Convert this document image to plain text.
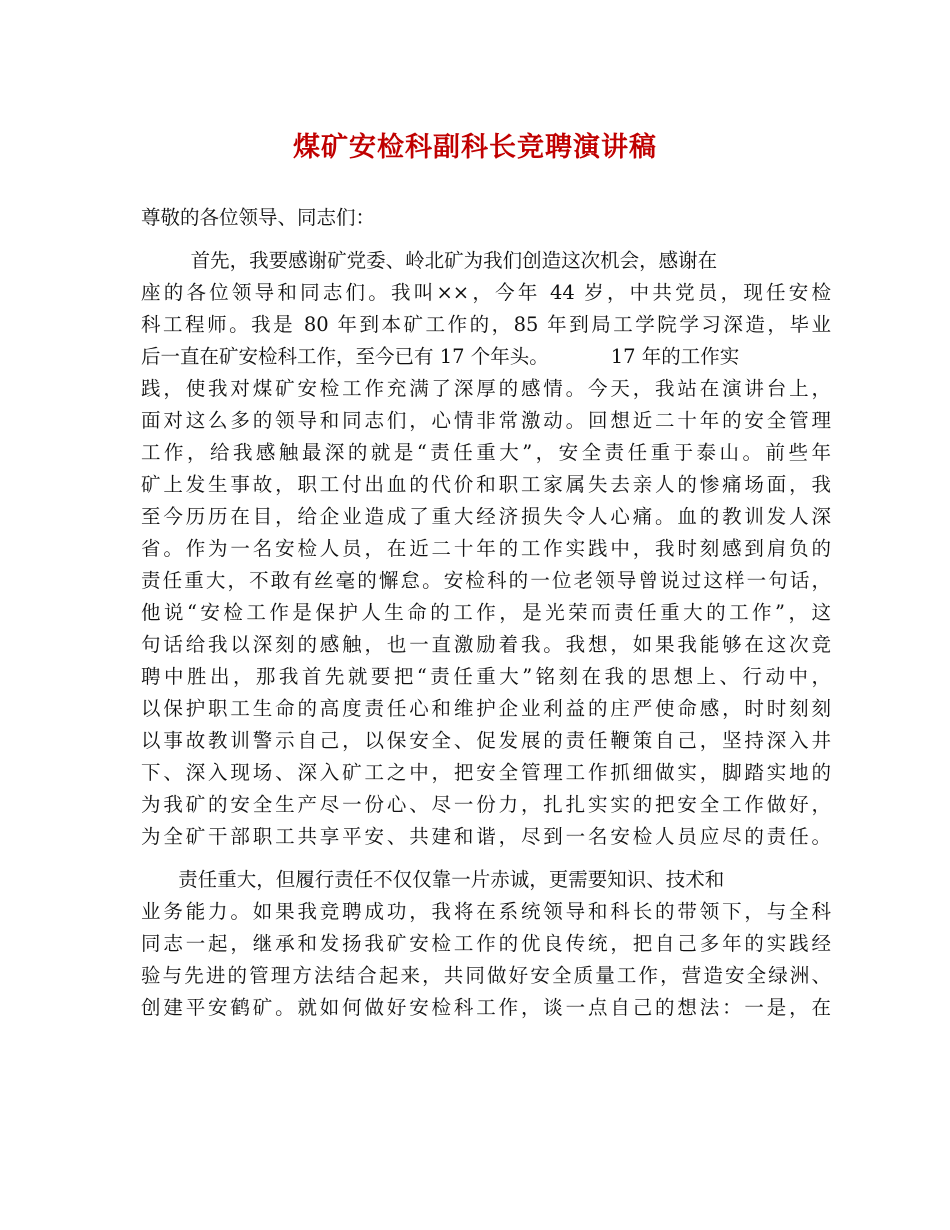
煤矿安检科副科长竞聘演讲稿
尊敬的各位领导、同志们：
首先，我要感谢矿党委、岭北矿为我们创造这次机会，感谢在
座的各位领导和同志们。我叫××，今年 44 岁，中共党员，现任安检
科工程师。我是 80 年到本矿工作的，85 年到局工学院学习深造，毕业
后一直在矿安检科工作，至今已有 17 个年头。          17 年的工作实
践，使我对煤矿安检工作充满了深厚的感情。今天，我站在演讲台上，
面对这么多的领导和同志们，心情非常激动。回想近二十年的安全管理
工作，给我感触最深的就是“责任重大”，安全责任重于泰山。前些年
矿上发生事故，职工付出血的代价和职工家属失去亲人的惨痛场面，我
至今历历在目，给企业造成了重大经济损失令人心痛。血的教训发人深
省。作为一名安检人员，在近二十年的工作实践中，我时刻感到肩负的
责任重大，不敢有丝毫的懈怠。安检科的一位老领导曾说过这样一句话，
他说“安检工作是保护人生命的工作，是光荣而责任重大的工作”，这
句话给我以深刻的感触，也一直激励着我。我想，如果我能够在这次竞
聘中胜出，那我首先就要把“责任重大”铭刻在我的思想上、行动中，
以保护职工生命的高度责任心和维护企业利益的庄严使命感，时时刻刻
以事故教训警示自己，以保安全、促发展的责任鞭策自己，坚持深入井
下、深入现场、深入矿工之中，把安全管理工作抓细做实，脚踏实地的
为我矿的安全生产尽一份心、尽一份力，扎扎实实的把安全工作做好，
为全矿干部职工共享平安、共建和谐，尽到一名安检人员应尽的责任。
责任重大，但履行责任不仅仅靠一片赤诚，更需要知识、技术和
业务能力。如果我竞聘成功，我将在系统领导和科长的带领下，与全科
同志一起，继承和发扬我矿安检工作的优良传统，把自己多年的实践经
验与先进的管理方法结合起来，共同做好安全质量工作，营造安全绿洲、
创建平安鹤矿。就如何做好安检科工作，谈一点自己的想法：一是，在
